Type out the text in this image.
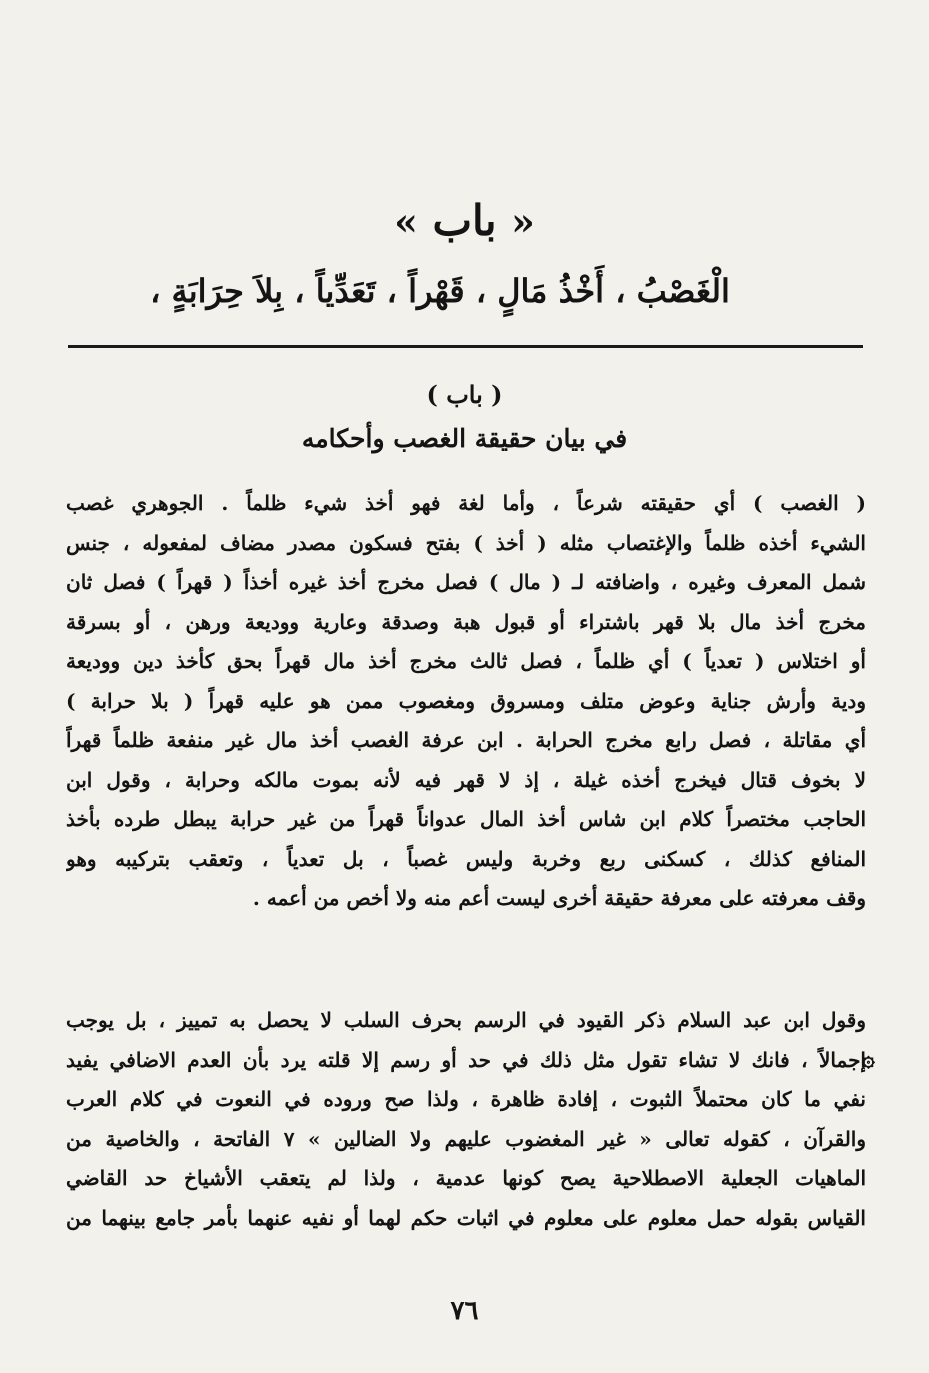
« باب »
الْغَصْبُ ، أَخْذُ مَالٍ ، قَهْراً ، تَعَدِّياً ، بِلاَ حِرَابَةٍ ،
( باب )
في بيان حقيقة الغصب وأحكامه
( الغصب ) أي حقيقته شرعاً ، وأما لغة فهو أخذ شيء ظلماً . الجوهري غصب
الشيء أخذه ظلماً والإغتصاب مثله ( أخذ ) بفتح فسكون مصدر مضاف لمفعوله ، جنس
شمل المعرف وغيره ، واضافته لـ ( مال ) فصل مخرج أخذ غيره أخذاً ( قهراً ) فصل ثان
مخرج أخذ مال بلا قهر باشتراء أو قبول هبة وصدقة وعارية ووديعة ورهن ، أو بسرقة
أو اختلاس ( تعدياً ) أي ظلماً ، فصل ثالث مخرج أخذ مال قهراً بحق كأخذ دين ووديعة
ودية وأرش جناية وعوض متلف ومسروق ومغصوب ممن هو عليه قهراً ( بلا حرابة )
أي مقاتلة ، فصل رابع مخرج الحرابة . ابن عرفة الغصب أخذ مال غير منفعة ظلماً قهراً
لا بخوف قتال فيخرج أخذه غيلة ، إذ لا قهر فيه لأنه بموت مالكه وحرابة ، وقول ابن
الحاجب مختصراً كلام ابن شاس أخذ المال عدواناً قهراً من غير حرابة يبطل طرده بأخذ
المنافع كذلك ، كسكنى ربع وخربة وليس غصباً ، بل تعدياً ، وتعقب بتركيبه وهو
وقف معرفته على معرفة حقيقة أخرى ليست أعم منه ولا أخص من أعمه .
۞
وقول ابن عبد السلام ذكر القيود في الرسم بحرف السلب لا يحصل به تمييز ، بل يوجب
إجمالاً ، فانك لا تشاء تقول مثل ذلك في حد أو رسم إلا قلته يرد بأن العدم الاضافي يفيد
نفي ما كان محتملاً الثبوت ، إفادة ظاهرة ، ولذا صح وروده في النعوت في كلام العرب
والقرآن ، كقوله تعالى « غير المغضوب عليهم ولا الضالين » ٧ الفاتحة ، والخاصية من
الماهيات الجعلية الاصطلاحية يصح كونها عدمية ، ولذا لم يتعقب الأشياخ حد القاضي
القياس بقوله حمل معلوم على معلوم في اثبات حكم لهما أو نفيه عنهما بأمر جامع بينهما من
٧٦
